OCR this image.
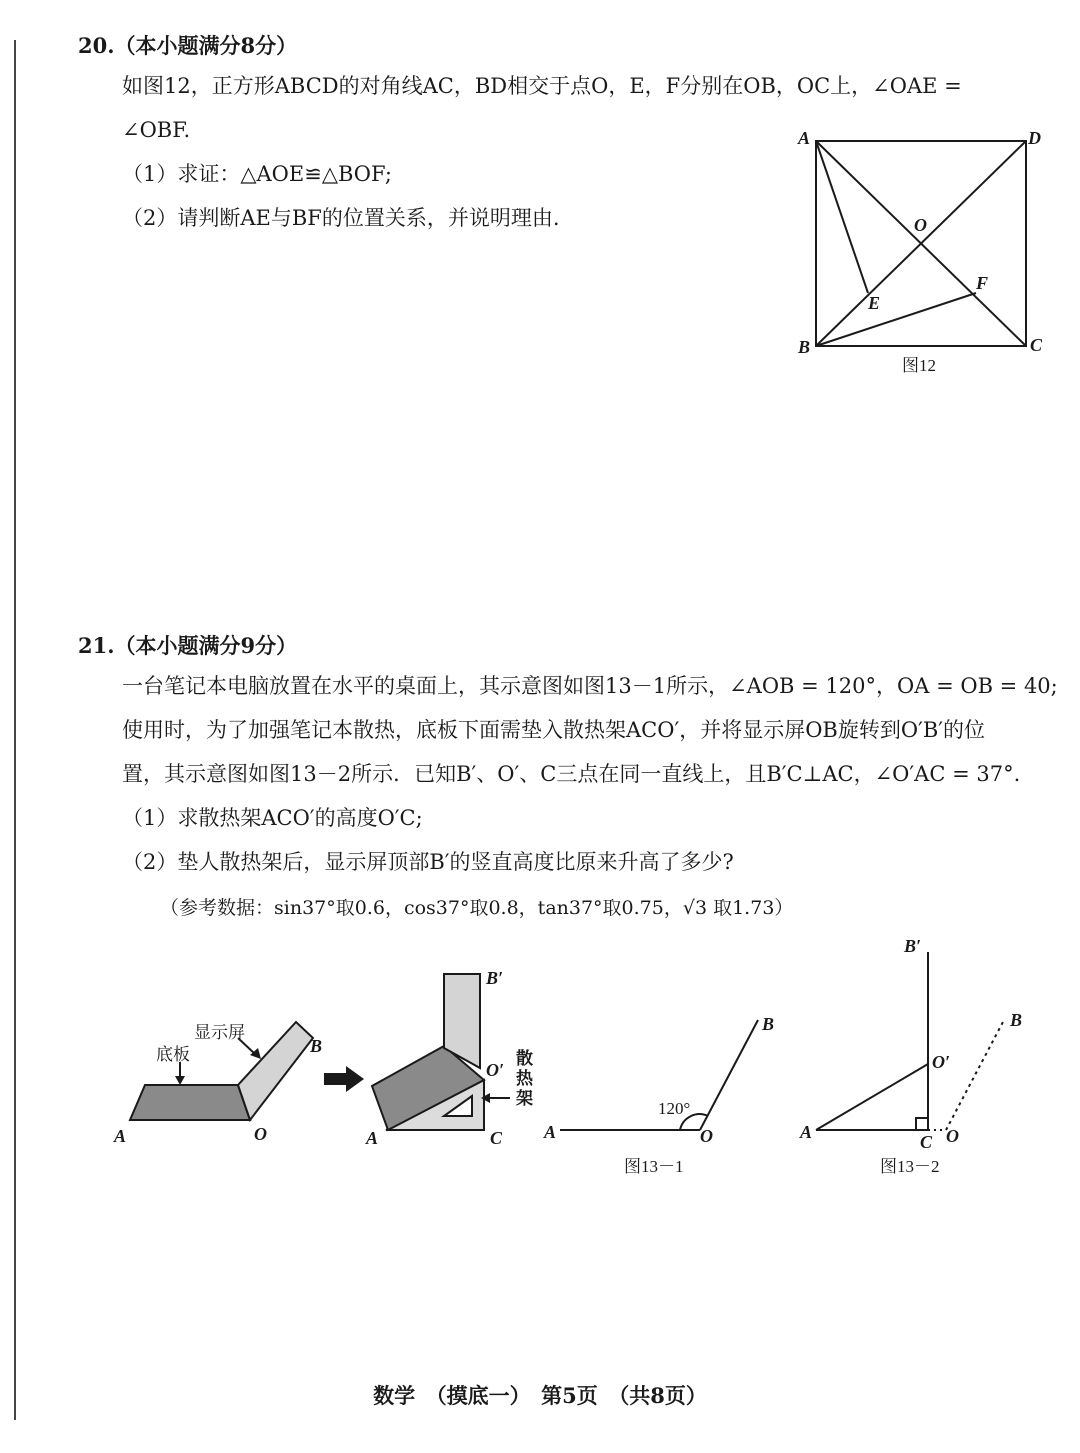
20.（本小题满分8分）
如图12，正方形ABCD的对角线AC，BD相交于点O，E，F分别在OB，OC上，∠OAE =
∠OBF.
（1）求证：△AOE≌△BOF;
（2）请判断AE与BF的位置关系，并说明理由.
A	D
B	C
O
E
F
图12
21.（本小题满分9分）
一台笔记本电脑放置在水平的桌面上，其示意图如图13－1所示，∠AOB = 120°，OA = OB = 40;
使用时，为了加强笔记本散热，底板下面需垫入散热架ACO′，并将显示屏OB旋转到O′B′的位
置，其示意图如图13－2所示．已知B′、O′、C三点在同一直线上，且B′C⊥AC，∠O′AC = 37°.
（1）求散热架ACO′的高度O′C;
（2）垫人散热架后，显示屏顶部B′的竖直高度比原来升高了多少?
（参考数据：sin37°取0.6，cos37°取0.8，tan37°取0.75，√3 取1.73）
显示屏
底板
A	O
B
散热架
A	C
O′
B′
120°
A	O
B
图13－1
B′
O′
A	C O
B
图13－2
数学　（摸底一）　第5页　（共8页）
